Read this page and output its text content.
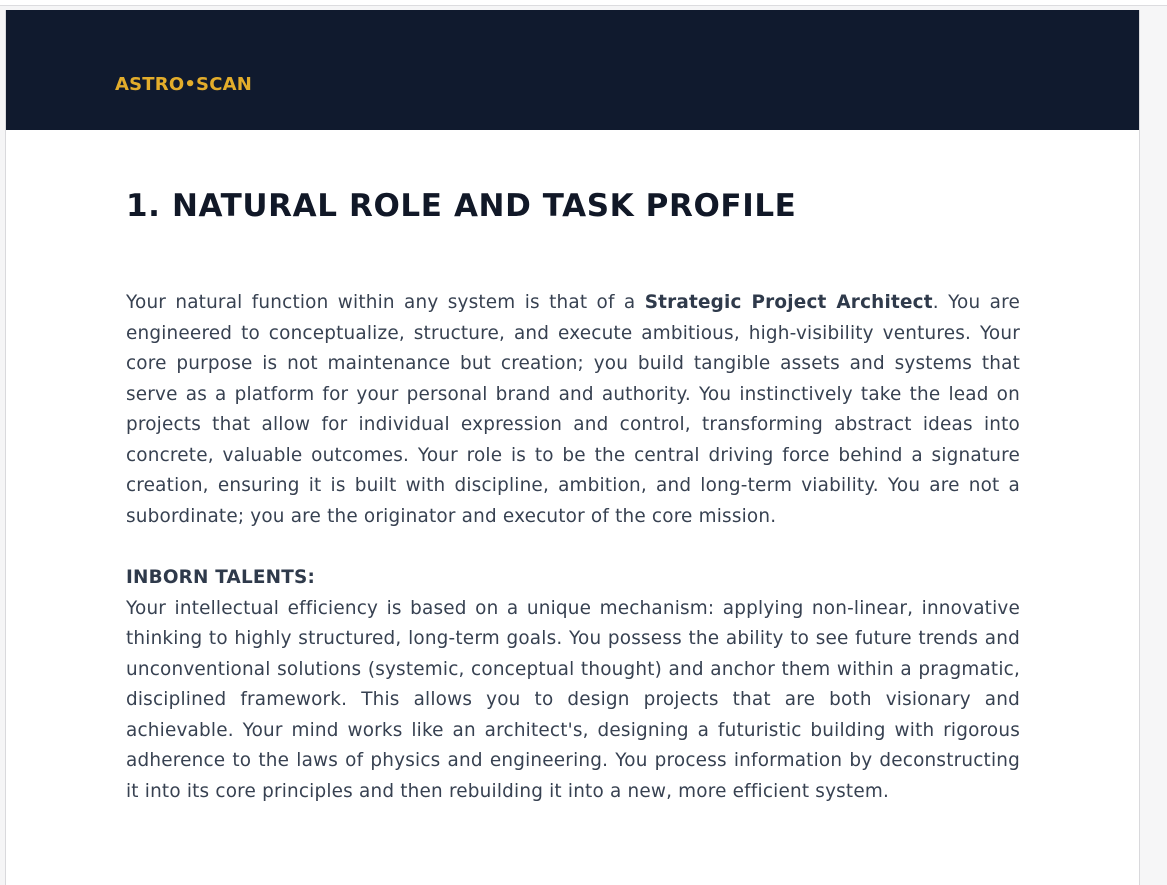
ASTRO•SCAN
1. NATURAL ROLE AND TASK PROFILE

Your natural function within any system is that of a Strategic Project Architect. You are engineered to conceptualize, structure, and execute ambitious, high-visibility ventures. Your core purpose is not maintenance but creation; you build tangible assets and systems that serve as a platform for your personal brand and authority. You instinctively take the lead on projects that allow for individual expression and control, transforming abstract ideas into concrete, valuable outcomes. Your role is to be the central driving force behind a signature creation, ensuring it is built with discipline, ambition, and long-term viability. You are not a subordinate; you are the originator and executor of the core mission.

INBORN TALENTS:

Your intellectual efficiency is based on a unique mechanism: applying non-linear, innovative thinking to highly structured, long-term goals. You possess the ability to see future trends and unconventional solutions (systemic, conceptual thought) and anchor them within a pragmatic, disciplined framework. This allows you to design projects that are both visionary and achievable. Your mind works like an architect's, designing a futuristic building with rigorous adherence to the laws of physics and engineering. You process information by deconstructing it into its core principles and then rebuilding it into a new, more efficient system.
